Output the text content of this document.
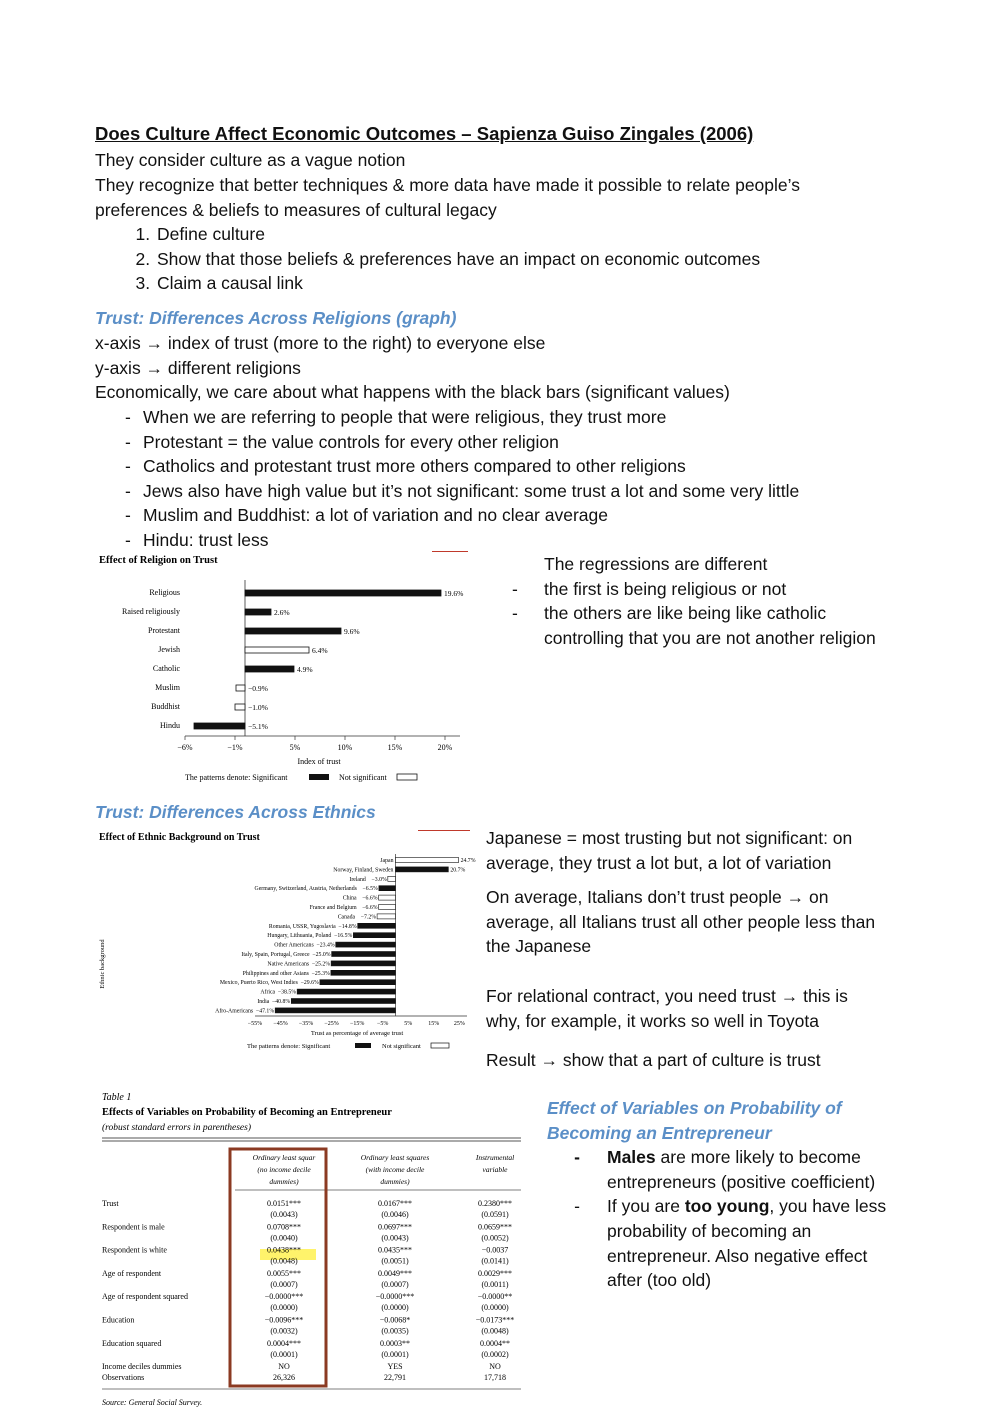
Does Culture Affect Economic Outcomes – Sapienza Guiso Zingales (2006)
They consider culture as a vague notion
They recognize that better techniques & more data have made it possible to relate people’s
preferences & beliefs to measures of cultural legacy
1. Define culture
2. Show that those beliefs & preferences have an impact on economic outcomes
3. Claim a causal link
Trust: Differences Across Religions (graph)
x-axis → index of trust (more to the right) to everyone else
y-axis → different religions
Economically, we care about what happens with the black bars (significant values)
- When we are referring to people that were religious, they trust more
- Protestant = the value controls for every other religion
- Catholics and protestant trust more others compared to other religions
- Jews also have high value but it’s not significant: some trust a lot and some very little
- Muslim and Buddhist: a lot of variation and no clear average
- Hindu: trust less
Effect of Religion on Trust
Religious	19.6%
Raised religiously	2.6%
Protestant	9.6%
Jewish	6.4%
Catholic	4.9%
Muslim	−0.9%
Buddhist	−1.0%
Hindu	−5.1%
−6%	−1%	5%	10%	15%	20%
Index of trust
The patterns denote: Significant	Not significant

The regressions are different

- the first is being religious or not

- the others are like being like catholic

controlling that you are not another religion

Trust: Differences Across Ethnics
Effect of Ethnic Background on Trust
Ethnic background
Japan	24.7%
Norway, Finland, Sweden	20.7%
Ireland −3.0%
Germany, Switzerland, Austria, Netherlands −6.5%
China −6.6%
France and Belgium −6.6%
Canada −7.2%
Romania, USSR, Yugoslavia −14.8%
Hungary, Lithuania, Poland −16.5%
Other Americans −23.4%
Italy, Spain, Portugal, Greece −25.0%
Native Americans −25.2%
Philippines and other Asians −25.3%
Mexico, Puerto Rico, West Indies −29.6%
Africa −38.5%
India −40.8%
Afro-Americans −47.1%
−55% −45% −35% −25% −15% −5%	5%	15% 25%
Trust as percentage of average trust
The patterns denote: Significant	Not significant

Japanese = most trusting but not significant: on

average, they trust a lot but, a lot of variation

On average, Italians don’t trust people → on

average, all Italians trust all other people less than

the Japanese

For relational contract, you need trust → this is

why, for example, it works so well in Toyota

Result → show that a part of culture is trust

Table 1
Effects of Variables on Probability of Becoming an Entrepreneur
(robust standard errors in parentheses)
Ordinary least squar
(no income decile
dummies)
Ordinary least squares
(with income decile
dummies)
Instrumental
variable
Trust	0.0151***	0.0167***	0.2380***
(0.0043)	(0.0046)	(0.0591)
Respondent is male	0.0708***	0.0697***	0.0659***
(0.0040)	(0.0043)	(0.0052)
Respondent is white	0.0438***	0.0435***	−0.0037
(0.0048)	(0.0051)	(0.0141)
Age of respondent	0.0055***	0.0049***	0.0029***
(0.0007)	(0.0007)	(0.0011)
Age of respondent squared	−0.0000***	−0.0000***	−0.0000**
(0.0000)	(0.0000)	(0.0000)
Education	−0.0096***	−0.0068*	−0.0173***
(0.0032)	(0.0035)	(0.0048)
Education squared	0.0004***	0.0003**	0.0004**
(0.0001)	(0.0001)	(0.0002)
Income deciles dummies	NO	YES	NO
Observations	26,326	22,791	17,718
Source: General Social Survey.

Effect of Variables on Probability of

Becoming an Entrepreneur

- Males are more likely to become

entrepreneurs (positive coefficient)

- If you are too young, you have less

probability of becoming an

entrepreneur. Also negative effect

after (too old)
